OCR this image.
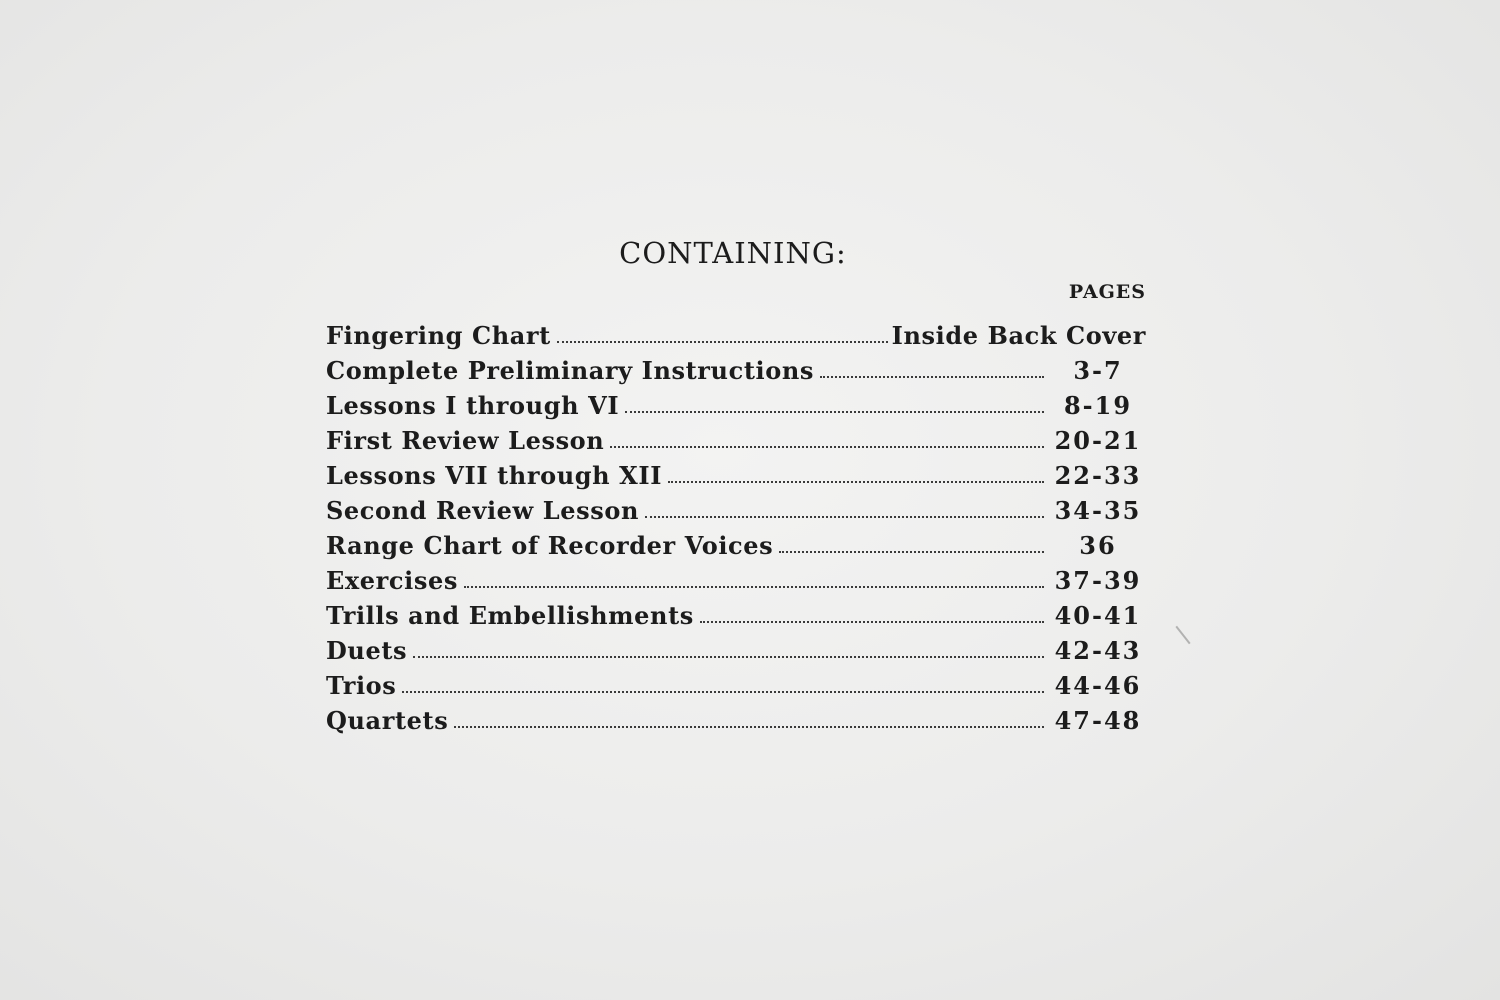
CONTAINING:
PAGES
Fingering Chart	Inside Back Cover
Complete Preliminary Instructions	3-7
Lessons I through VI	8-19
First Review Lesson	20-21
Lessons VII through XII	22-33
Second Review Lesson	34-35
Range Chart of Recorder Voices	36
Exercises	37-39
Trills and Embellishments	40-41
Duets	42-43
Trios	44-46
Quartets	47-48
